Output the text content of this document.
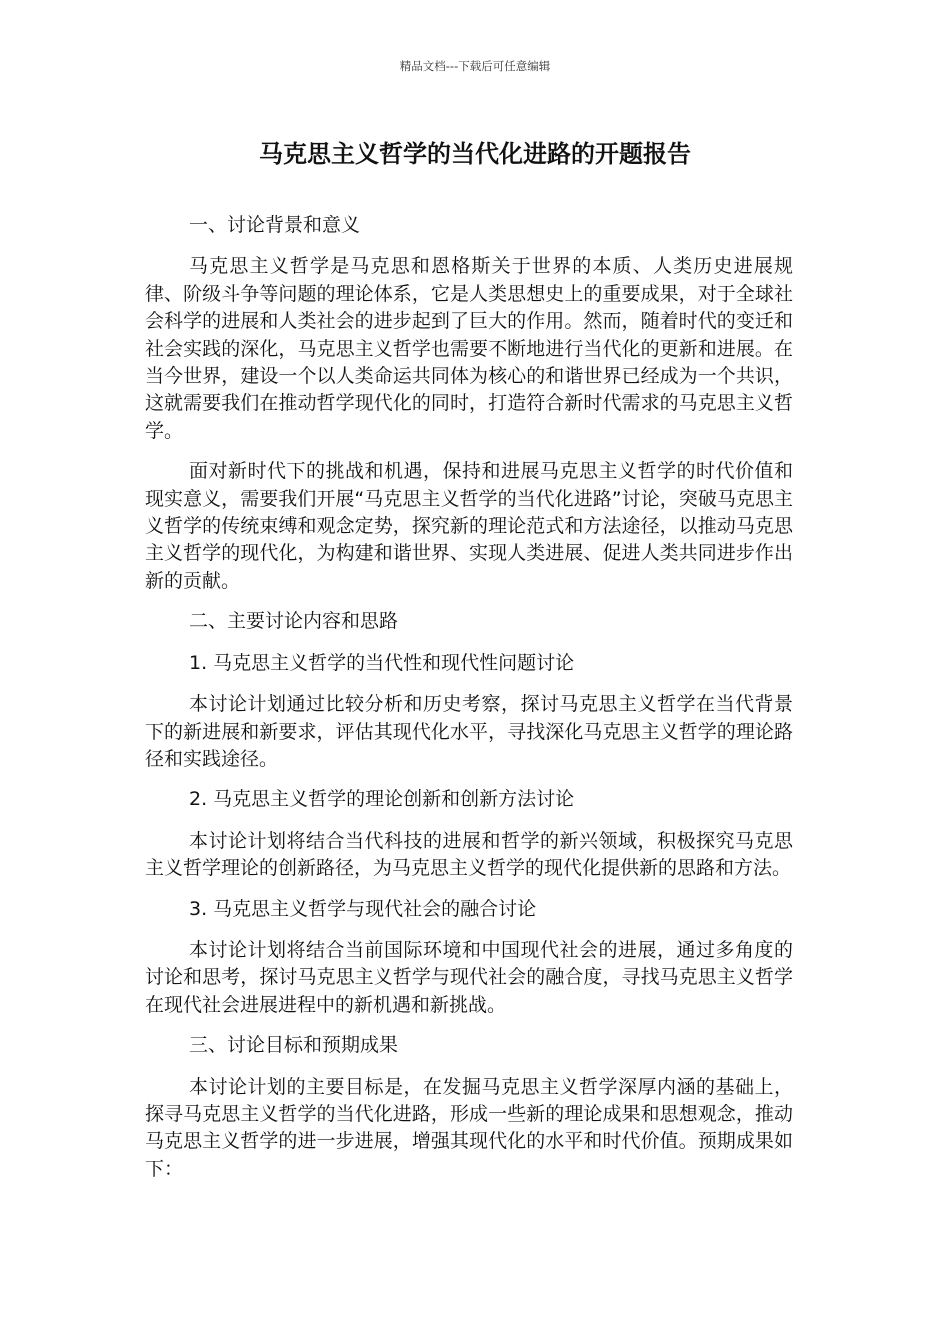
精品文档---下载后可任意编辑
马克思主义哲学的当代化进路的开题报告

一、讨论背景和意义

马克思主义哲学是马克思和恩格斯关于世界的本质、人类历史进展规律、阶级斗争等问题的理论体系，它是人类思想史上的重要成果，对于全球社会科学的进展和人类社会的进步起到了巨大的作用。然而，随着时代的变迁和社会实践的深化，马克思主义哲学也需要不断地进行当代化的更新和进展。在当今世界，建设一个以人类命运共同体为核心的和谐世界已经成为一个共识，这就需要我们在推动哲学现代化的同时，打造符合新时代需求的马克思主义哲学。

面对新时代下的挑战和机遇，保持和进展马克思主义哲学的时代价值和现实意义，需要我们开展“马克思主义哲学的当代化进路”讨论，突破马克思主义哲学的传统束缚和观念定势，探究新的理论范式和方法途径，以推动马克思主义哲学的现代化，为构建和谐世界、实现人类进展、促进人类共同进步作出新的贡献。

二、主要讨论内容和思路

1. 马克思主义哲学的当代性和现代性问题讨论

本讨论计划通过比较分析和历史考察，探讨马克思主义哲学在当代背景下的新进展和新要求，评估其现代化水平，寻找深化马克思主义哲学的理论路径和实践途径。

2. 马克思主义哲学的理论创新和创新方法讨论

本讨论计划将结合当代科技的进展和哲学的新兴领域，积极探究马克思主义哲学理论的创新路径，为马克思主义哲学的现代化提供新的思路和方法。

3. 马克思主义哲学与现代社会的融合讨论

本讨论计划将结合当前国际环境和中国现代社会的进展，通过多角度的讨论和思考，探讨马克思主义哲学与现代社会的融合度，寻找马克思主义哲学在现代社会进展进程中的新机遇和新挑战。

三、讨论目标和预期成果

本讨论计划的主要目标是，在发掘马克思主义哲学深厚内涵的基础上，探寻马克思主义哲学的当代化进路，形成一些新的理论成果和思想观念，推动马克思主义哲学的进一步进展，增强其现代化的水平和时代价值。预期成果如下：
